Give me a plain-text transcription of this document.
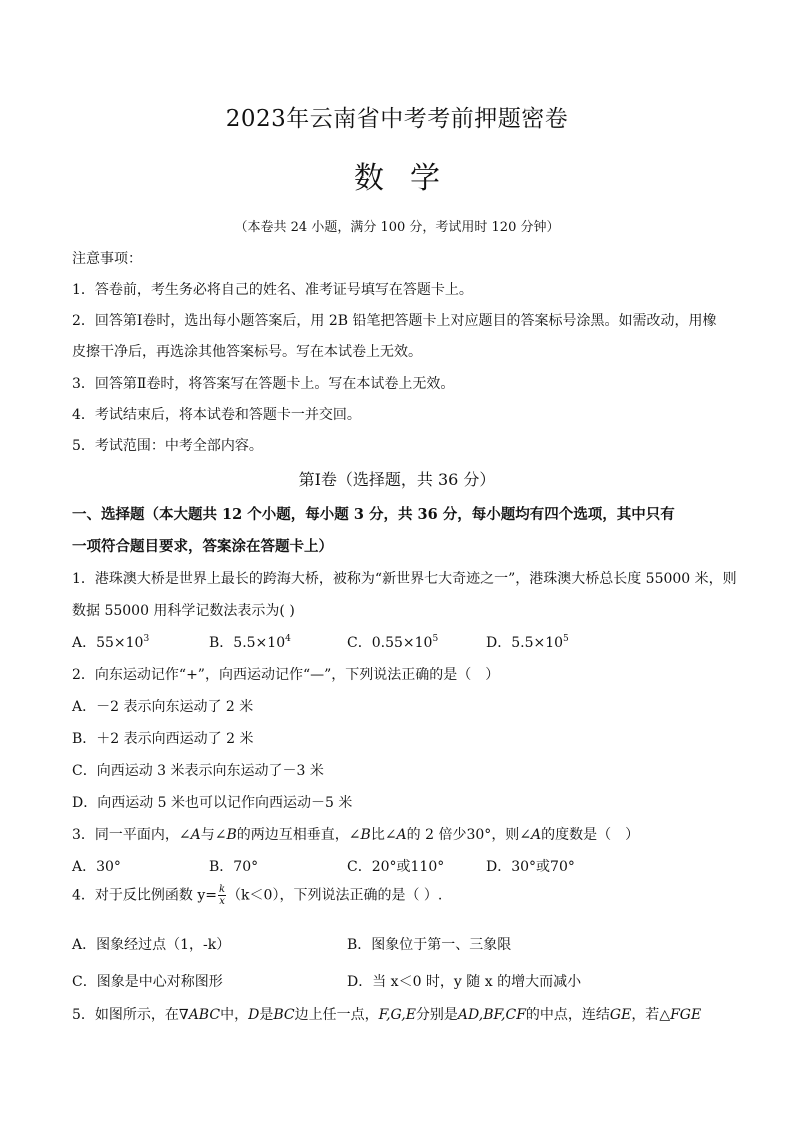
2023年云南省中考考前押题密卷
数学
（本卷共 24 小题，满分 100 分，考试用时 120 分钟）
注意事项：
1．答卷前，考生务必将自己的姓名、准考证号填写在答题卡上。
2．回答第Ⅰ卷时，选出每小题答案后，用 2B 铅笔把答题卡上对应题目的答案标号涂黑。如需改动，用橡
皮擦干净后，再选涂其他答案标号。写在本试卷上无效。
3．回答第Ⅱ卷时，将答案写在答题卡上。写在本试卷上无效。
4．考试结束后，将本试卷和答题卡一并交回。
5．考试范围：中考全部内容。
第Ⅰ卷（选择题，共 36 分）
一、选择题（本大题共 12 个小题，每小题 3 分，共 36 分，每小题均有四个选项，其中只有
一项符合题目要求，答案涂在答题卡上）
1．港珠澳大桥是世界上最长的跨海大桥，被称为“新世界七大奇迹之一”，港珠澳大桥总长度 55000 米，则
数据 55000 用科学记数法表示为( )
A．$55\times 10^3$	B．$5.5\times 10^4$	C．$0.55\times 10^5$	D．$5.5\times 10^5$
2．向东运动记作“+”，向西运动记作“—”，下列说法正确的是（　）
A．－2 表示向东运动了 2 米
B．＋2 表示向西运动了 2 米
C．向西运动 3 米表示向东运动了－3 米
D．向西运动 5 米也可以记作向西运动－5 米
3．同一平面内，∠A与∠B的两边互相垂直，∠B比∠A的 2 倍少30°，则∠A的度数是（　）
A．30°	B．70°	C．20°或110°	D．30°或70°
4．对于反比例函数 $y= \frac{k}{x} (k<0)$，下列说法正确的是（ ）.
A．图象经过点（1，-k）	B．图象位于第一、三象限
C．图象是中心对称图形	D．当 x＜0 时，y 随 x 的增大而减小
5．如图所示，在∇ABC中，D是BC边上任一点，F,G,E分别是AD,BF,CF的中点，连结GE，若△FGE
